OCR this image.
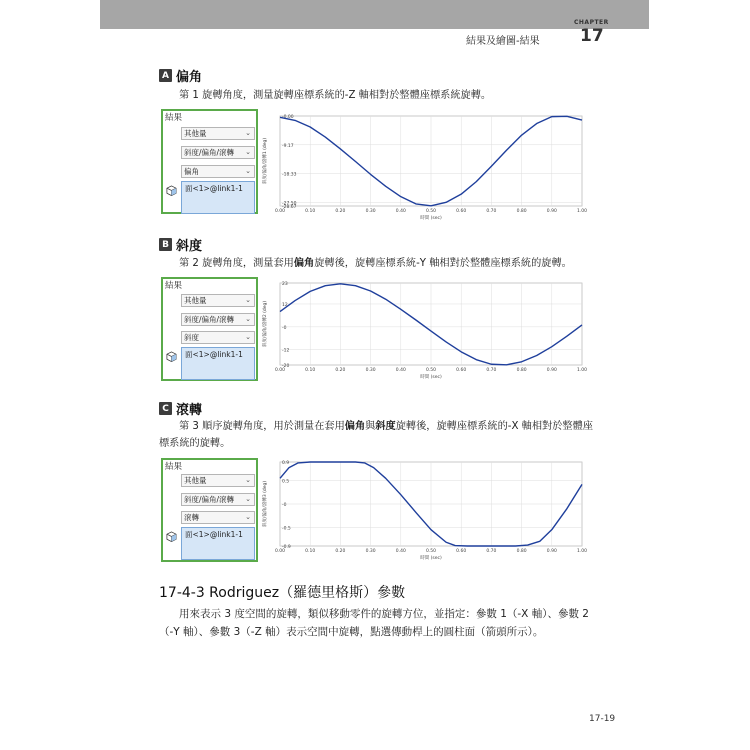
CHAPTER
結果及繪圖-結果 17
A 偏角
第 1 旋轉角度，測量旋轉座標系統的-Z 軸相對於整體座標系統旋轉。
結果
其他量	⌄
斜度/偏角/滾轉 ⌄
偏角	⌄
面<1>@link1-1
-0.00
-9.17
-18.33
-27.50
-28.67
0.00	0.10	0.20	0.30	0.40	0.50	0.60	0.70	0.80	0.90	1.00
時間 (sec)
斜度/偏角/滾轉1 (deg)
B 斜度
第 2 旋轉角度，測量套用偏角旋轉後，旋轉座標系統-Y 軸相對於整體座標系統的旋轉。
結果
其他量	⌄
斜度/偏角/滾轉 ⌄
斜度	⌄
面<1>@link1-1
23
12
-0
-12
-20
0.00	0.10	0.20	0.30	0.40	0.50	0.60	0.70	0.80	0.90	1.00
時間 (sec)
斜度/偏角/滾轉2 (deg)
C 滾轉
第 3 順序旋轉角度，用於測量在套用偏角與斜度旋轉後，旋轉座標系統的-X 軸相對於整體座標系統的旋轉。
結果
其他量	⌄
斜度/偏角/滾轉 ⌄
滾轉	⌄
面<1>@link1-1
0.9
0.5
-0
-0.5
-0.9
0.00	0.10	0.20	0.30	0.40	0.50	0.60	0.70	0.80	0.90	1.00
時間 (sec)
斜度/偏角/滾轉3 (deg)
17-4-3 Rodriguez（羅德里格斯）參數
用來表示 3 度空間的旋轉，類似移動零件的旋轉方位，並指定：參數 1（-X 軸）、參數 2（-Y 軸）、參數 3（-Z 軸）表示空間中旋轉，點選傳動桿上的圓柱面（箭頭所示）。
17-19
